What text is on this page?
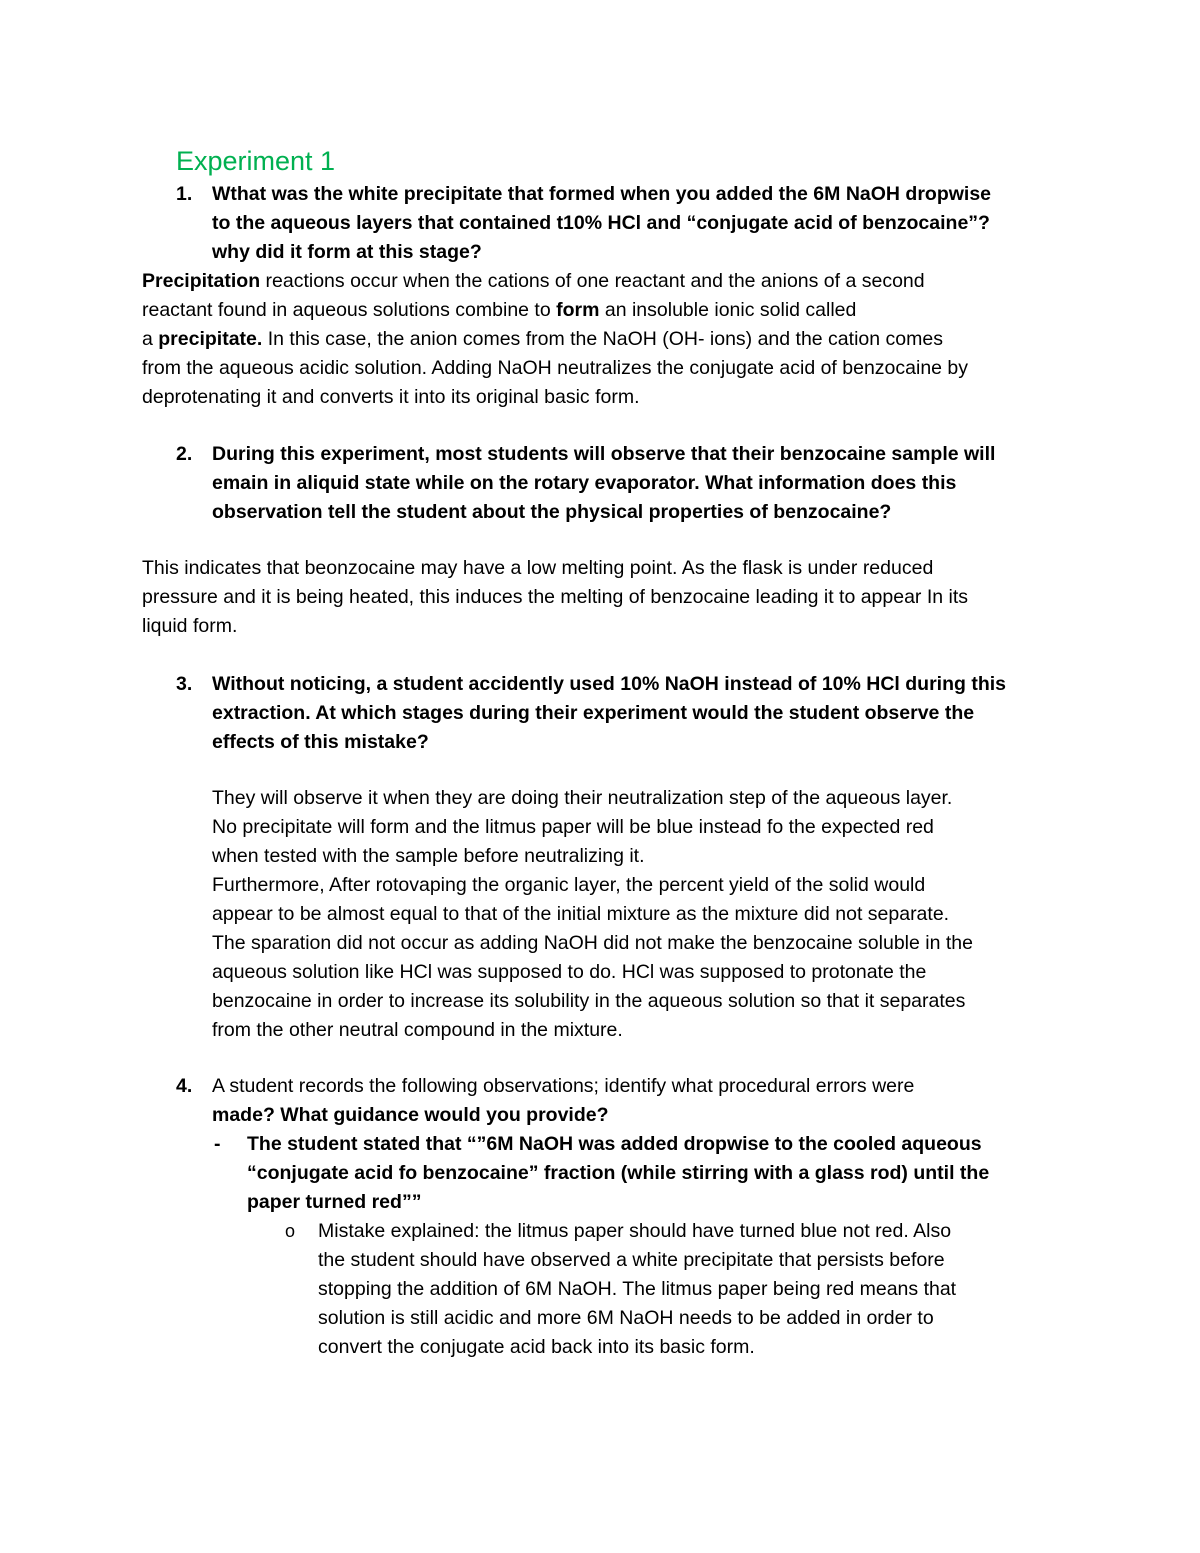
Experiment 1
1. Wthat was the white precipitate that formed when you added the 6M NaOH dropwise
to the aqueous layers that contained t10% HCl and “conjugate acid of benzocaine”?
why did it form at this stage?
Precipitation reactions occur when the cations of one reactant and the anions of a second
reactant found in aqueous solutions combine to form an insoluble ionic solid called
a precipitate. In this case, the anion comes from the NaOH (OH- ions) and the cation comes
from the aqueous acidic solution. Adding NaOH neutralizes the conjugate acid of benzocaine by
deprotenating it and converts it into its original basic form.
2. During this experiment, most students will observe that their benzocaine sample will
emain in aliquid state while on the rotary evaporator. What information does this
observation tell the student about the physical properties of benzocaine?
This indicates that beonzocaine may have a low melting point. As the flask is under reduced
pressure and it is being heated, this induces the melting of benzocaine leading it to appear In its
liquid form.
3. Without noticing, a student accidently used 10% NaOH instead of 10% HCl during this
extraction. At which stages during their experiment would the student observe the
effects of this mistake?
They will observe it when they are doing their neutralization step of the aqueous layer.
No precipitate will form and the litmus paper will be blue instead fo the expected red
when tested with the sample before neutralizing it.
Furthermore, After rotovaping the organic layer, the percent yield of the solid would
appear to be almost equal to that of the initial mixture as the mixture did not separate.
The sparation did not occur as adding NaOH did not make the benzocaine soluble in the
aqueous solution like HCl was supposed to do. HCl was supposed to protonate the
benzocaine in order to increase its solubility in the aqueous solution so that it separates
from the other neutral compound in the mixture.
4. A student records the following observations; identify what procedural errors were
made? What guidance would you provide?
- The student stated that “”6M NaOH was added dropwise to the cooled aqueous
“conjugate acid fo benzocaine” fraction (while stirring with a glass rod) until the
paper turned red””
o Mistake explained: the litmus paper should have turned blue not red. Also
the student should have observed a white precipitate that persists before
stopping the addition of 6M NaOH. The litmus paper being red means that
solution is still acidic and more 6M NaOH needs to be added in order to
convert the conjugate acid back into its basic form.
